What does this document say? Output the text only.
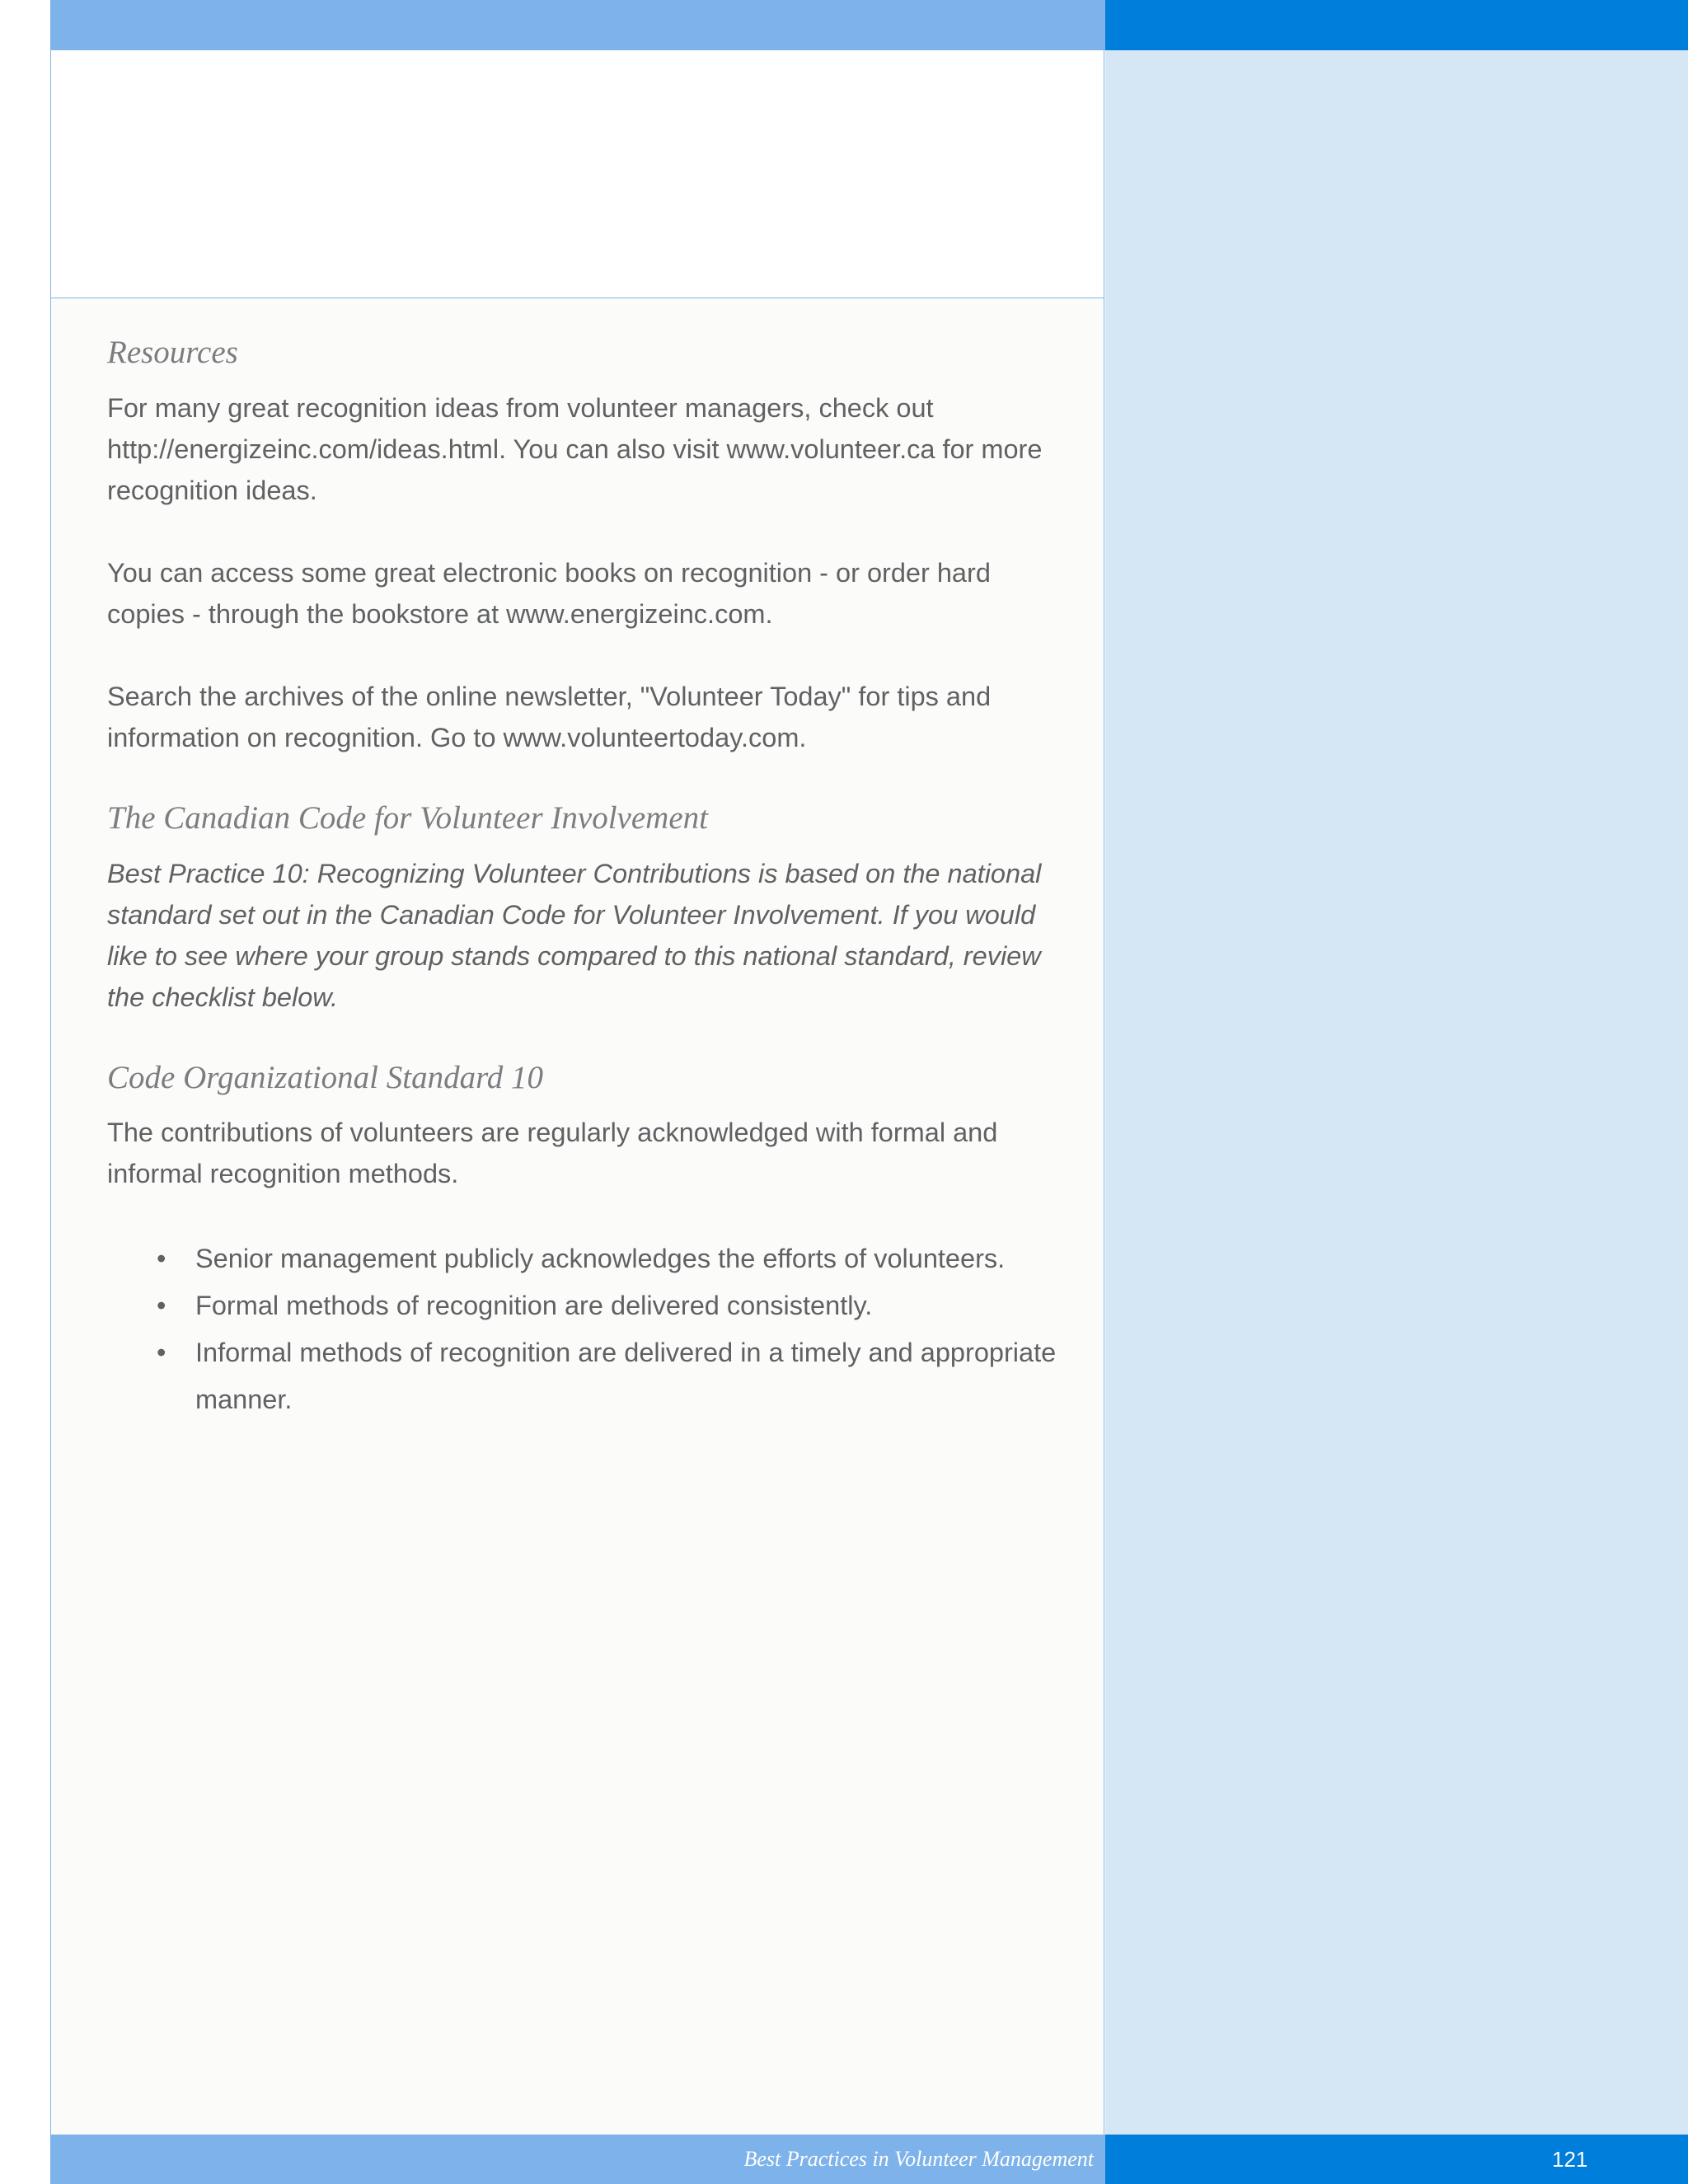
Resources

For many great recognition ideas from volunteer managers, check out http://energizeinc.com/ideas.html. You can also visit www.volunteer.ca for more recognition ideas.

You can access some great electronic books on recognition - or order hard copies - through the bookstore at www.energizeinc.com.

Search the archives of the online newsletter, "Volunteer Today" for tips and information on recognition. Go to www.volunteertoday.com.

The Canadian Code for Volunteer Involvement

Best Practice 10: Recognizing Volunteer Contributions is based on the national standard set out in the Canadian Code for Volunteer Involvement. If you would like to see where your group stands compared to this national standard, review the checklist below.

Code Organizational Standard 10

The contributions of volunteers are regularly acknowledged with formal and informal recognition methods.

• Senior management publicly acknowledges the efforts of volunteers.
• Formal methods of recognition are delivered consistently.
• Informal methods of recognition are delivered in a timely and appropriate manner.
Best Practices in Volunteer Management	121
